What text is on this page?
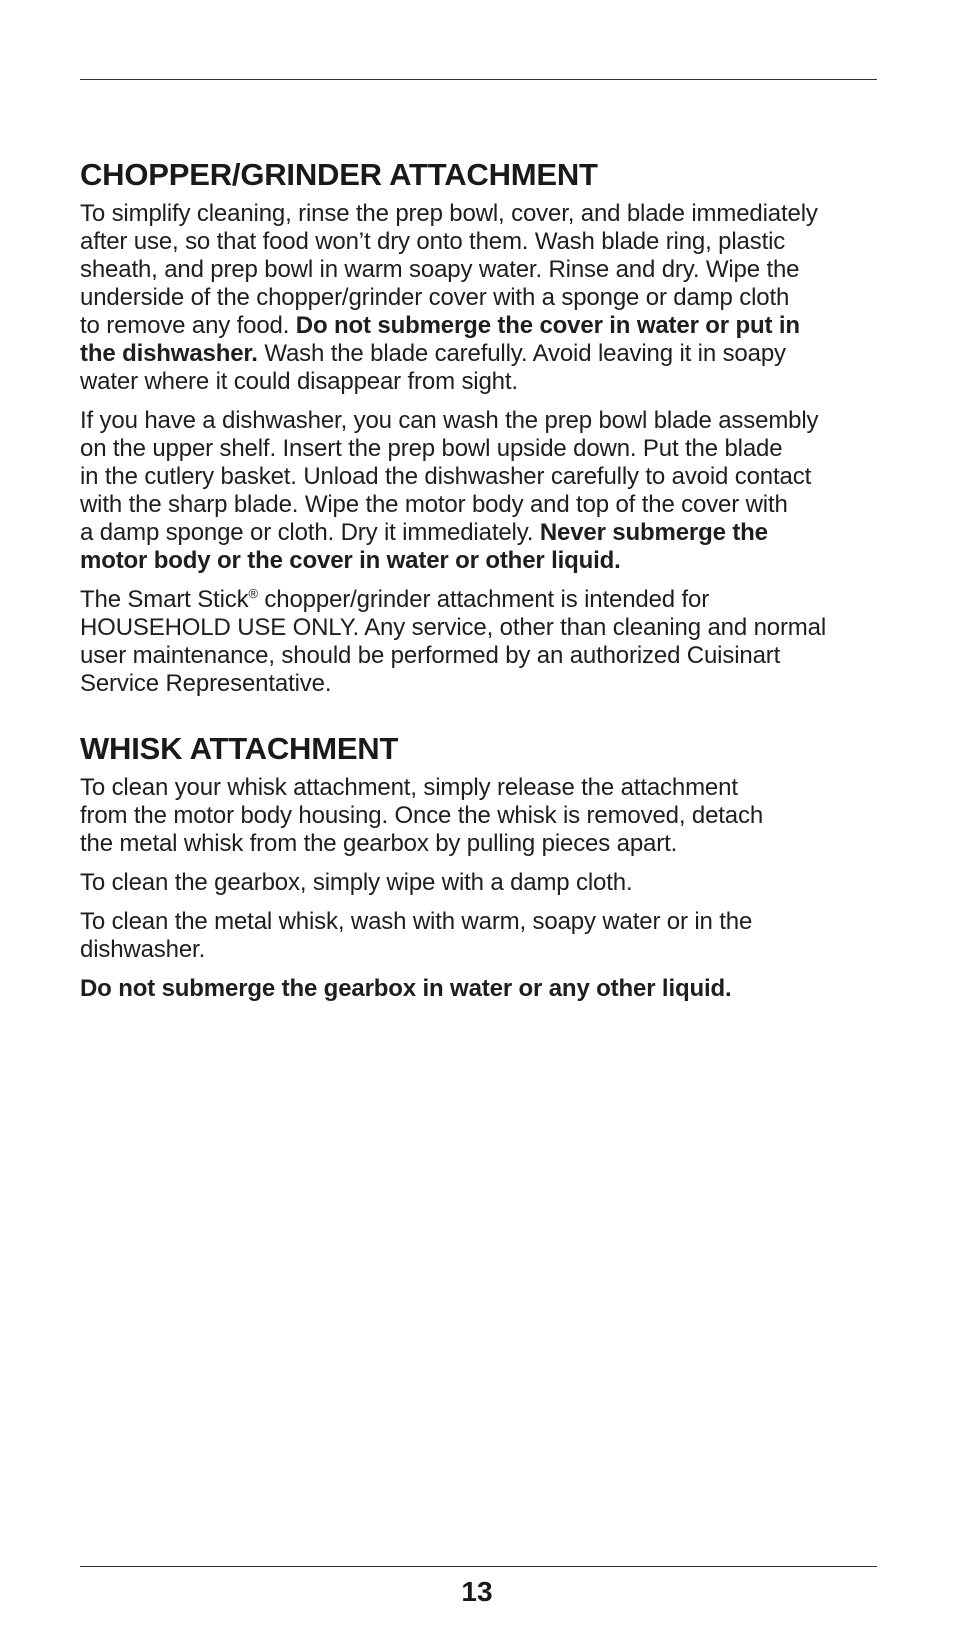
CHOPPER/GRINDER ATTACHMENT

To simplify cleaning, rinse the prep bowl, cover, and blade immediately
after use, so that food won’t dry onto them. Wash blade ring, plastic
sheath, and prep bowl in warm soapy water. Rinse and dry. Wipe the
underside of the chopper/grinder cover with a sponge or damp cloth
to remove any food. Do not submerge the cover in water or put in
the dishwasher. Wash the blade carefully. Avoid leaving it in soapy
water where it could disappear from sight.

If you have a dishwasher, you can wash the prep bowl blade assembly
on the upper shelf. Insert the prep bowl upside down. Put the blade
in the cutlery basket. Unload the dishwasher carefully to avoid contact
with the sharp blade. Wipe the motor body and top of the cover with
a damp sponge or cloth. Dry it immediately. Never submerge the
motor body or the cover in water or other liquid.

The Smart Stick® chopper/grinder attachment is intended for
HOUSEHOLD USE ONLY. Any service, other than cleaning and normal
user maintenance, should be performed by an authorized Cuisinart
Service Representative.

WHISK ATTACHMENT

To clean your whisk attachment, simply release the attachment
from the motor body housing. Once the whisk is removed, detach
the metal whisk from the gearbox by pulling pieces apart.

To clean the gearbox, simply wipe with a damp cloth.

To clean the metal whisk, wash with warm, soapy water or in the
dishwasher.

Do not submerge the gearbox in water or any other liquid.

13
